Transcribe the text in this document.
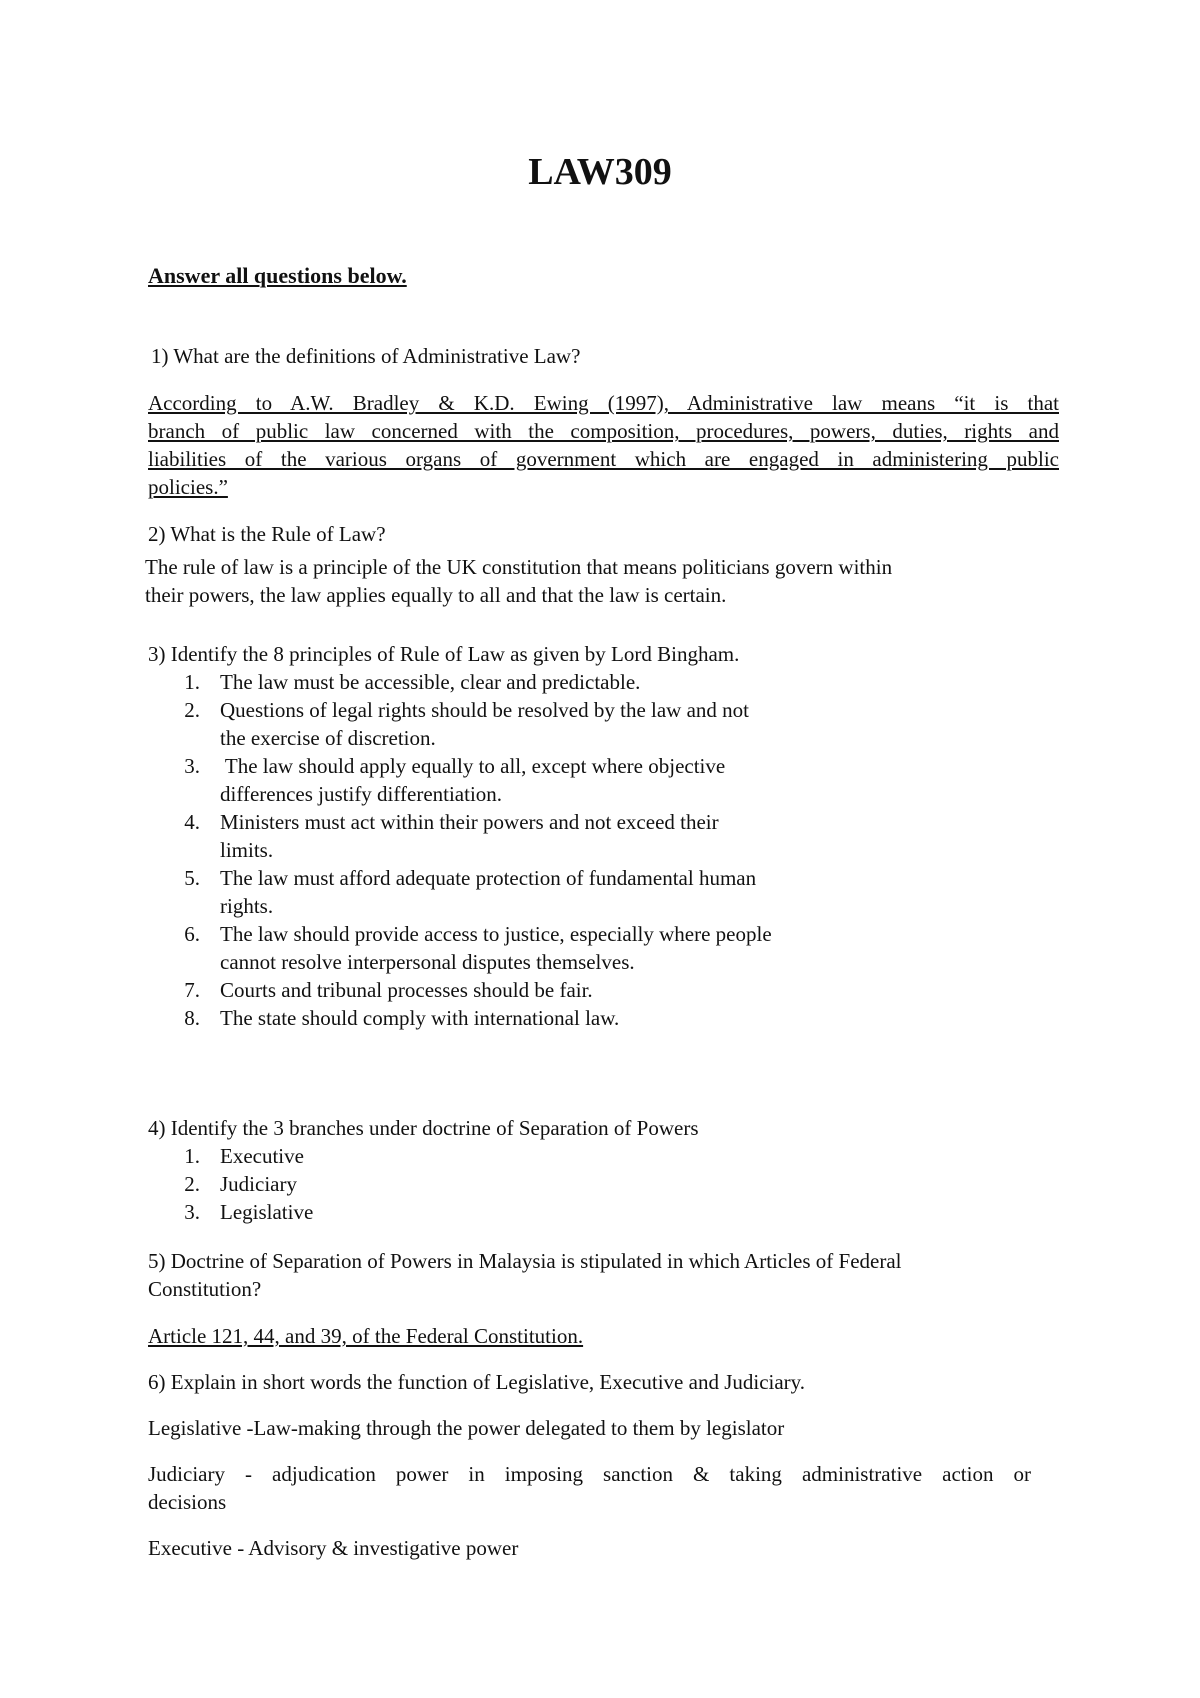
LAW309
Answer all questions below.
1) What are the definitions of Administrative Law?
According to A.W. Bradley & K.D. Ewing (1997), Administrative law means “it is that
branch of public law concerned with the composition, procedures, powers, duties, rights and
liabilities of the various organs of government which are engaged in administering public
policies.”
2) What is the Rule of Law?
The rule of law is a principle of the UK constitution that means politicians govern within
their powers, the law applies equally to all and that the law is certain.
3) Identify the 8 principles of Rule of Law as given by Lord Bingham.
1. The law must be accessible, clear and predictable.
2. Questions of legal rights should be resolved by the law and not
the exercise of discretion.
3. The law should apply equally to all, except where objective
differences justify differentiation.
4. Ministers must act within their powers and not exceed their
limits.
5. The law must afford adequate protection of fundamental human
rights.
6. The law should provide access to justice, especially where people
cannot resolve interpersonal disputes themselves.
7. Courts and tribunal processes should be fair.
8. The state should comply with international law.
4) Identify the 3 branches under doctrine of Separation of Powers
1. Executive
2. Judiciary
3. Legislative
5) Doctrine of Separation of Powers in Malaysia is stipulated in which Articles of Federal
Constitution?
Article 121, 44, and 39, of the Federal Constitution.
6) Explain in short words the function of Legislative, Executive and Judiciary.
Legislative -Law-making through the power delegated to them by legislator
Judiciary - adjudication power in imposing sanction & taking administrative action or
decisions
Executive - Advisory & investigative power
